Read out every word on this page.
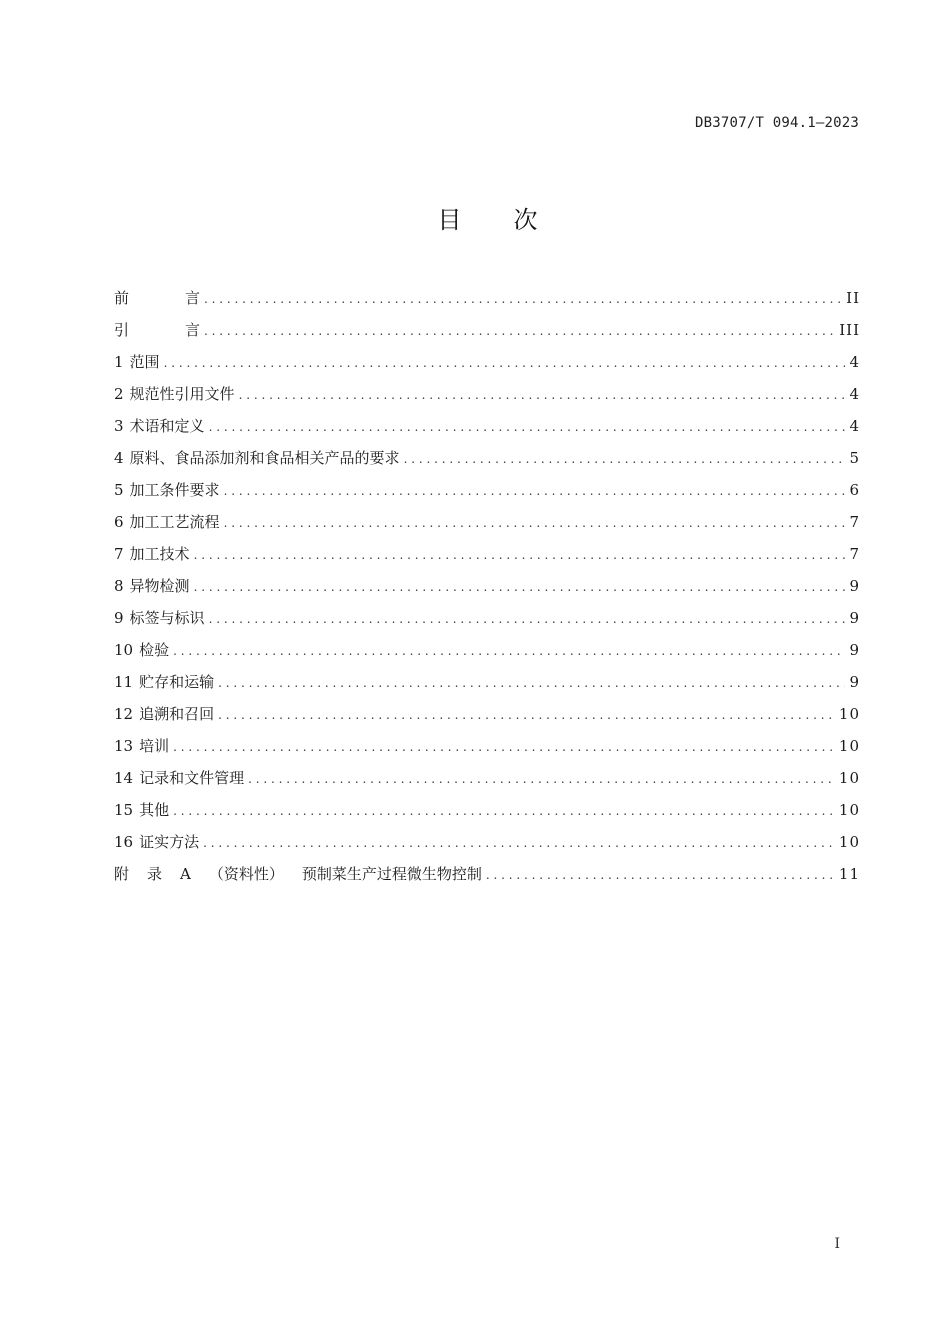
DB3707/T 094.1—2023
目 次
前	言 . . .	II
引	言 . . .	III
1 范围 . . .	4
2 规范性引用文件 . . .	4
3 术语和定义 . . .	4
4 原料、食品添加剂和食品相关产品的要求 . . .	5
5 加工条件要求 . . .	6
6 加工工艺流程 . . .	7
7 加工技术 . . .	7
8 异物检测 . . .	9
9 标签与标识 . . .	9
10 检验 . . .	9
11 贮存和运输 . . .	9
12 追溯和召回 . . .	10
13 培训 . . .	10
14 记录和文件管理 . . .	10
15 其他 . . .	10
16 证实方法 . . .	10
附 录 A （资料性） 预制菜生产过程微生物控制 . . .	11
I
